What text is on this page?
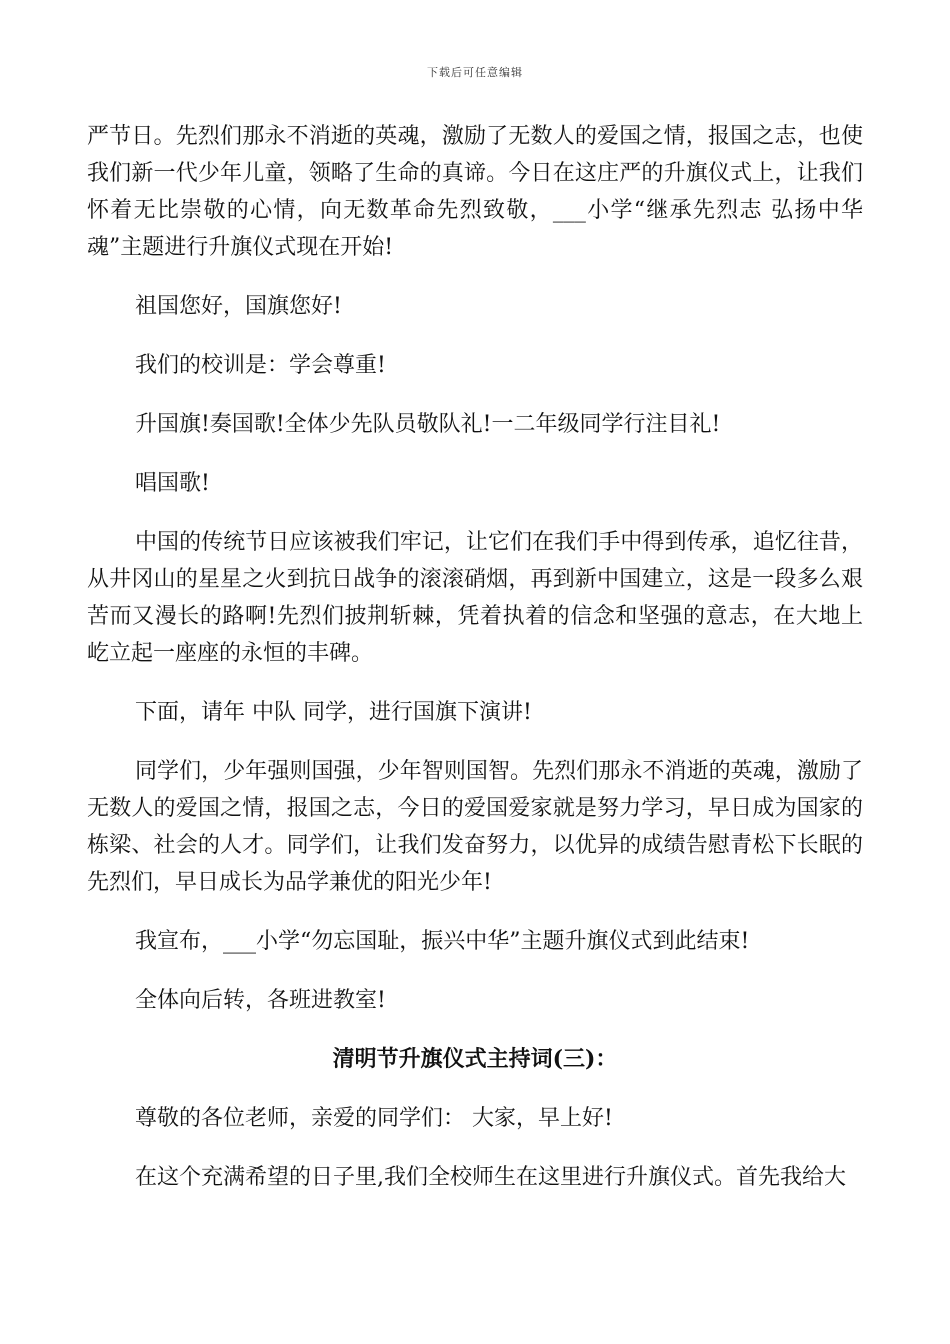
下载后可任意编辑

严节日。先烈们那永不消逝的英魂，激励了无数人的爱国之情，报国之志，也使我们新一代少年儿童，领略了生命的真谛。今日在这庄严的升旗仪式上，让我们怀着无比崇敬的心情，向无数革命先烈致敬，___小学“继承先烈志 弘扬中华魂”主题进行升旗仪式现在开始!

祖国您好，国旗您好!

我们的校训是：学会尊重!

升国旗!奏国歌!全体少先队员敬队礼!一二年级同学行注目礼!

唱国歌!

中国的传统节日应该被我们牢记，让它们在我们手中得到传承，追忆往昔，从井冈山的星星之火到抗日战争的滚滚硝烟，再到新中国建立，这是一段多么艰苦而又漫长的路啊!先烈们披荆斩棘，凭着执着的信念和坚强的意志，在大地上屹立起一座座的永恒的丰碑。

下面，请年 中队 同学，进行国旗下演讲!

同学们，少年强则国强，少年智则国智。先烈们那永不消逝的英魂，激励了无数人的爱国之情，报国之志，今日的爱国爱家就是努力学习，早日成为国家的栋梁、社会的人才。同学们，让我们发奋努力，以优异的成绩告慰青松下长眠的先烈们，早日成长为品学兼优的阳光少年!

我宣布，___小学“勿忘国耻，振兴中华”主题升旗仪式到此结束!

全体向后转，各班进教室!

清明节升旗仪式主持词(三)：

尊敬的各位老师，亲爱的同学们： 大家，早上好!

在这个充满希望的日子里,我们全校师生在这里进行升旗仪式。首先我给大
